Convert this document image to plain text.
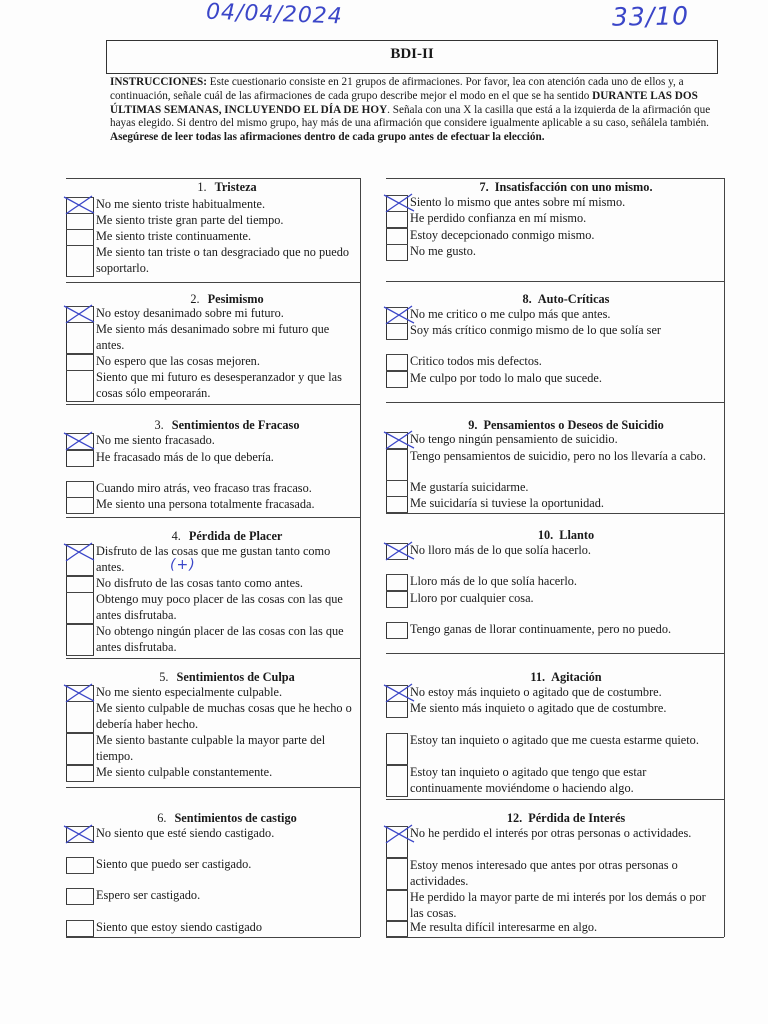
04/04/2024	33/10
BDI-II
INSTRUCCIONES: Este cuestionario consiste en 21 grupos de afirmaciones. Por favor, lea con atención cada uno de ellos y, a continuación, señale cuál de las afirmaciones de cada grupo describe mejor el modo en el que se ha sentido DURANTE LAS DOS ÚLTIMAS SEMANAS, INCLUYENDO EL DÍA DE HOY. Señala con una X la casilla que está a la izquierda de la afirmación que hayas elegido. Si dentro del mismo grupo, hay más de una afirmación que considere igualmente aplicable a su caso, señálela también. Asegúrese de leer todas las afirmaciones dentro de cada grupo antes de efectuar la elección.
(+)
1. Tristeza
No me siento triste habitualmente.
Me siento triste gran parte del tiempo.
Me siento triste continuamente.
Me siento tan triste o tan desgraciado que no puedo soportarlo.
2. Pesimismo
No estoy desanimado sobre mi futuro.
Me siento más desanimado sobre mi futuro que antes.
No espero que las cosas mejoren.
Siento que mi futuro es desesperanzador y que las cosas sólo empeorarán.
3. Sentimientos de Fracaso
No me siento fracasado.
He fracasado más de lo que debería.
Cuando miro atrás, veo fracaso tras fracaso.
Me siento una persona totalmente fracasada.
4. Pérdida de Placer
Disfruto de las cosas que me gustan tanto como antes.
No disfruto de las cosas tanto como antes.
Obtengo muy poco placer de las cosas con las que antes disfrutaba.
No obtengo ningún placer de las cosas con las que antes disfrutaba.
5. Sentimientos de Culpa
No me siento especialmente culpable.
Me siento culpable de muchas cosas que he hecho o debería haber hecho.
Me siento bastante culpable la mayor parte del tiempo.
Me siento culpable constantemente.
6. Sentimientos de castigo
No siento que esté siendo castigado.
Siento que puedo ser castigado.
Espero ser castigado.
Siento que estoy siendo castigado
7. Insatisfacción con uno mismo.
Siento lo mismo que antes sobre mí mismo.
He perdido confianza en mí mismo.
Estoy decepcionado conmigo mismo.
No me gusto.
8. Auto-Críticas
No me critico o me culpo más que antes.
Soy más crítico conmigo mismo de lo que solía ser
Critico todos mis defectos.
Me culpo por todo lo malo que sucede.
9. Pensamientos o Deseos de Suicidio
No tengo ningún pensamiento de suicidio.
Tengo pensamientos de suicidio, pero no los llevaría a cabo.
Me gustaría suicidarme.
Me suicidaría si tuviese la oportunidad.
10. Llanto
No lloro más de lo que solía hacerlo.
Lloro más de lo que solía hacerlo.
Lloro por cualquier cosa.
Tengo ganas de llorar continuamente, pero no puedo.
11. Agitación
No estoy más inquieto o agitado que de costumbre.
Me siento más inquieto o agitado que de costumbre.
Estoy tan inquieto o agitado que me cuesta estarme quieto.
Estoy tan inquieto o agitado que tengo que estar continuamente moviéndome o haciendo algo.
12. Pérdida de Interés
No he perdido el interés por otras personas o actividades.
Estoy menos interesado que antes por otras personas o actividades.
He perdido la mayor parte de mi interés por los demás o por las cosas.
Me resulta difícil interesarme en algo.
